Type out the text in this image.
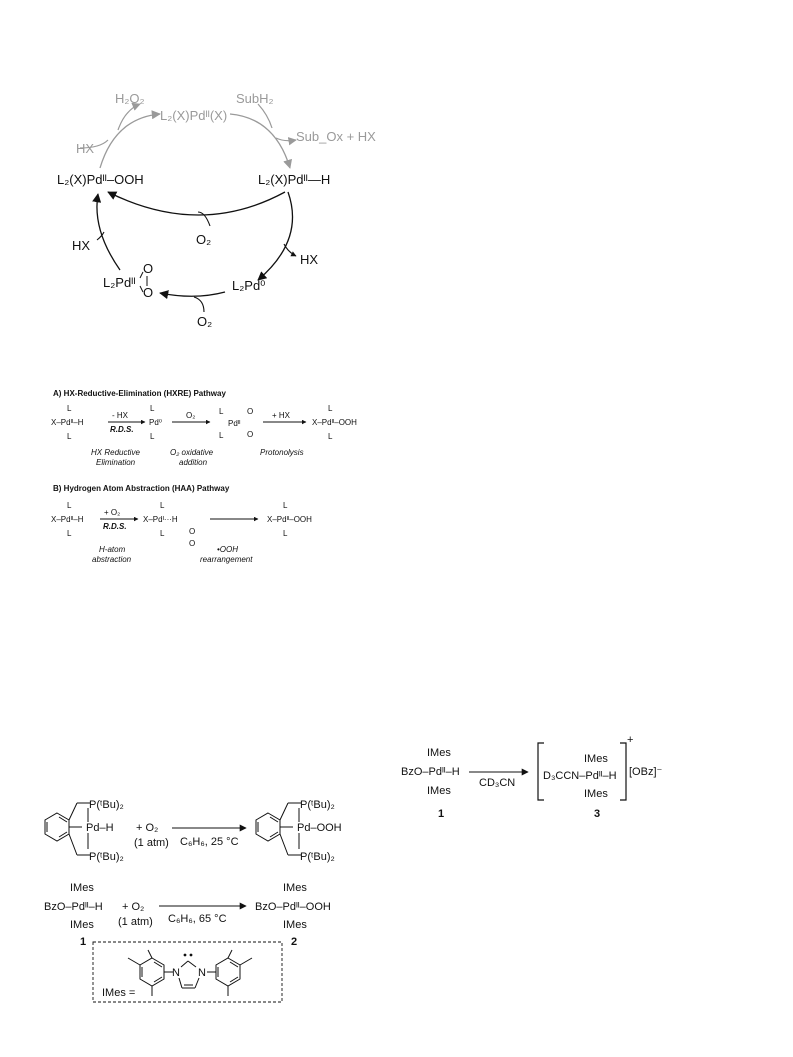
H₂O₂
L₂(X)Pdᴵᴵ(X)
SubH₂
Sub_Ox + HX
HX
L₂(X)Pdᴵᴵ–OOH	L₂(X)Pdᴵᴵ—H
O₂
HX
HX
L₂Pdᴵᴵ
O
O	L₂Pd⁰
O₂
A) HX-Reductive-Elimination (HXRE) Pathway
L
X–Pdᴵᴵ–H
L
- HX
R.D.S.
L
Pd⁰
L
O₂	L
Pdᴵᴵ
L
O
O
+ HX
L
X–Pdᴵᴵ–OOH
L
HX Reductive
Elimination
O₂ oxidative
addition
Protonolysis
B) Hydrogen Atom Abstraction (HAA) Pathway
L
X–Pdᴵᴵ–H
L
+ O₂
R.D.S.
L
X–Pdᴵ···H
L	O
O
L
X–Pdᴵᴵ–OOH
L
H-atom
abstraction
•OOH
rearrangement
IMes
BzO–Pdᴵᴵ–H
IMes
CD₃CN
IMes
D₃CCN–Pdᴵᴵ–H
IMes
+
[OBz]⁻
1	3
P(ᵗBu)₂
Pd–H
P(ᵗBu)₂
+ O₂
(1 atm) C₆H₆, 25 °C
P(ᵗBu)₂
Pd–OOH
P(ᵗBu)₂
IMes
BzO–Pdᴵᴵ–H
IMes
+ O₂
(1 atm) C₆H₆, 65 °C
IMes
BzO–Pdᴵᴵ–OOH
IMes
1	2
IMes =
N N
